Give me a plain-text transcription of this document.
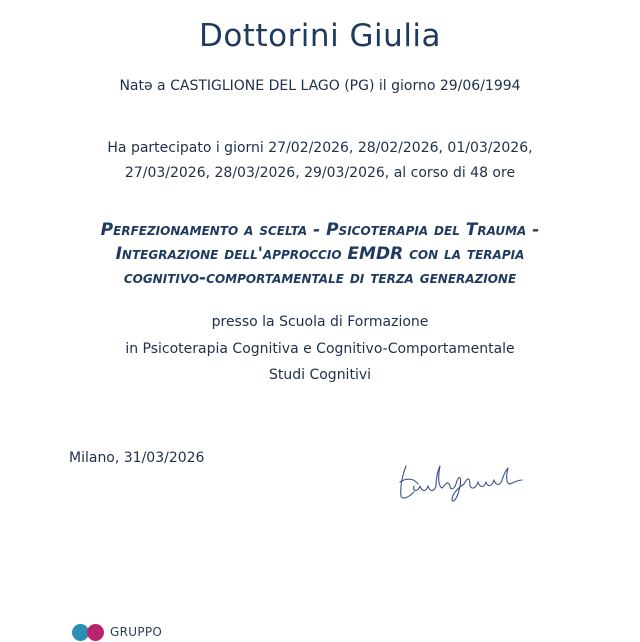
Dottorini Giulia
Natə a CASTIGLIONE DEL LAGO (PG) il giorno 29/06/1994
Ha partecipato i giorni 27/02/2026, 28/02/2026, 01/03/2026,
27/03/2026, 28/03/2026, 29/03/2026, al corso di 48 ore
Perfezionamento a scelta - Psicoterapia del Trauma -
Integrazione dell'approccio EMDR con la terapia
cognitivo-comportamentale di terza generazione
presso la Scuola di Formazione
in Psicoterapia Cognitiva e Cognitivo-Comportamentale
Studi Cognitivi
Milano, 31/03/2026
GRUPPO
